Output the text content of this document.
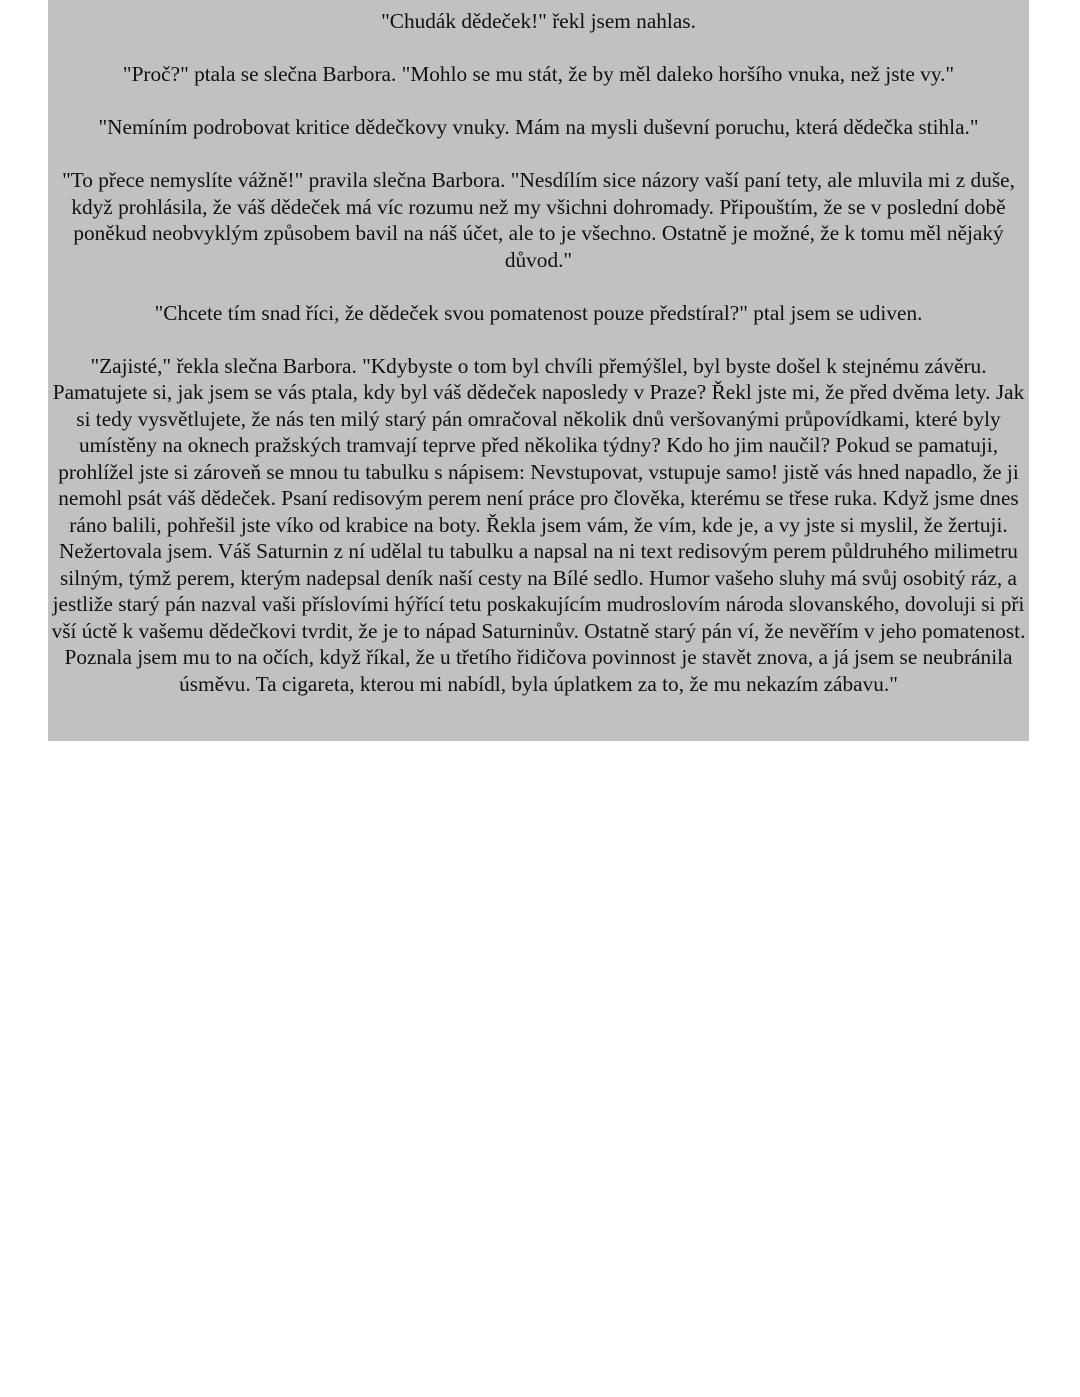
"Chudák dědeček!" řekl jsem nahlas.

"Proč?" ptala se slečna Barbora. "Mohlo se mu stát, že by měl daleko horšího vnuka, než jste vy."

"Nemíním podrobovat kritice dědečkovy vnuky. Mám na mysli duševní poruchu, která dědečka stihla."

"To přece nemyslíte vážně!" pravila slečna Barbora. "Nesdílím sice názory vaší paní tety, ale mluvila mi z duše, když prohlásila, že váš dědeček má víc rozumu než my všichni dohromady. Připouštím, že se v poslední době poněkud neobvyklým způsobem bavil na náš účet, ale to je všechno. Ostatně je možné, že k tomu měl nějaký důvod."

"Chcete tím snad říci, že dědeček svou pomatenost pouze předstíral?" ptal jsem se udiven.

"Zajisté," řekla slečna Barbora. "Kdybyste o tom byl chvíli přemýšlel, byl byste došel k stejnému závěru. Pamatujete si, jak jsem se vás ptala, kdy byl váš dědeček naposledy v Praze? Řekl jste mi, že před dvěma lety. Jak si tedy vysvětlujete, že nás ten milý starý pán omračoval několik dnů veršovanými průpovídkami, které byly umístěny na oknech pražských tramvají teprve před několika týdny? Kdo ho jim naučil? Pokud se pamatuji, prohlížel jste si zároveň se mnou tu tabulku s nápisem: Nevstupovat, vstupuje samo! jistě vás hned napadlo, že ji nemohl psát váš dědeček. Psaní redisovým perem není práce pro člověka, kterému se třese ruka. Když jsme dnes ráno balili, pohřešil jste víko od krabice na boty. Řekla jsem vám, že vím, kde je, a vy jste si myslil, že žertuji. Nežertovala jsem. Váš Saturnin z ní udělal tu tabulku a napsal na ni text redisovým perem půldruhého milimetru silným, týmž perem, kterým nadepsal deník naší cesty na Bílé sedlo. Humor vašeho sluhy má svůj osobitý ráz, a jestliže starý pán nazval vaši příslovími hýřící tetu poskakujícím mudroslovím národa slovanského, dovoluji si při vší úctě k vašemu dědečkovi tvrdit, že je to nápad Saturninův. Ostatně starý pán ví, že nevěřím v jeho pomatenost. Poznala jsem mu to na očích, když říkal, že u třetího řidičova povinnost je stavět znova, a já jsem se neubránila úsměvu. Ta cigareta, kterou mi nabídl, byla úplatkem za to, že mu nekazím zábavu."
